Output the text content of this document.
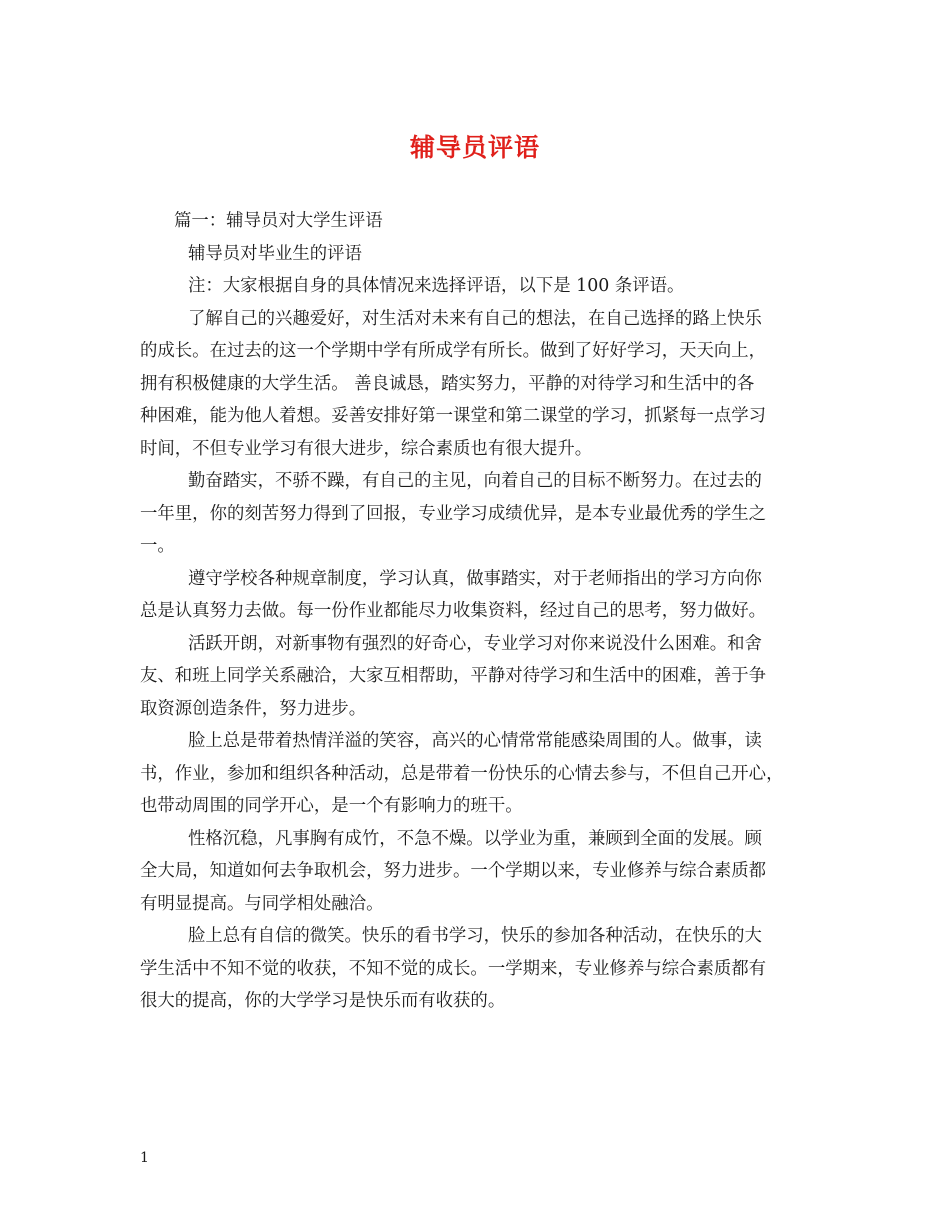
辅导员评语
篇一：辅导员对大学生评语
辅导员对毕业生的评语
注：大家根据自身的具体情况来选择评语，以下是 100 条评语。
了解自己的兴趣爱好，对生活对未来有自己的想法，在自己选择的路上快乐
的成长。在过去的这一个学期中学有所成学有所长。做到了好好学习，天天向上，
拥有积极健康的大学生活。 善良诚恳，踏实努力，平静的对待学习和生活中的各
种困难，能为他人着想。妥善安排好第一课堂和第二课堂的学习，抓紧每一点学习
时间，不但专业学习有很大进步，综合素质也有很大提升。
勤奋踏实，不骄不躁，有自己的主见，向着自己的目标不断努力。在过去的
一年里，你的刻苦努力得到了回报，专业学习成绩优异，是本专业最优秀的学生之
一。
遵守学校各种规章制度，学习认真，做事踏实，对于老师指出的学习方向你
总是认真努力去做。每一份作业都能尽力收集资料，经过自己的思考，努力做好。
活跃开朗，对新事物有强烈的好奇心，专业学习对你来说没什么困难。和舍
友、和班上同学关系融洽，大家互相帮助，平静对待学习和生活中的困难，善于争
取资源创造条件，努力进步。
脸上总是带着热情洋溢的笑容，高兴的心情常常能感染周围的人。做事，读
书，作业，参加和组织各种活动，总是带着一份快乐的心情去参与，不但自己开心，
也带动周围的同学开心，是一个有影响力的班干。
性格沉稳，凡事胸有成竹，不急不燥。以学业为重，兼顾到全面的发展。顾
全大局，知道如何去争取机会，努力进步。一个学期以来，专业修养与综合素质都
有明显提高。与同学相处融洽。
脸上总有自信的微笑。快乐的看书学习，快乐的参加各种活动，在快乐的大
学生活中不知不觉的收获，不知不觉的成长。一学期来，专业修养与综合素质都有
很大的提高，你的大学学习是快乐而有收获的。
1
